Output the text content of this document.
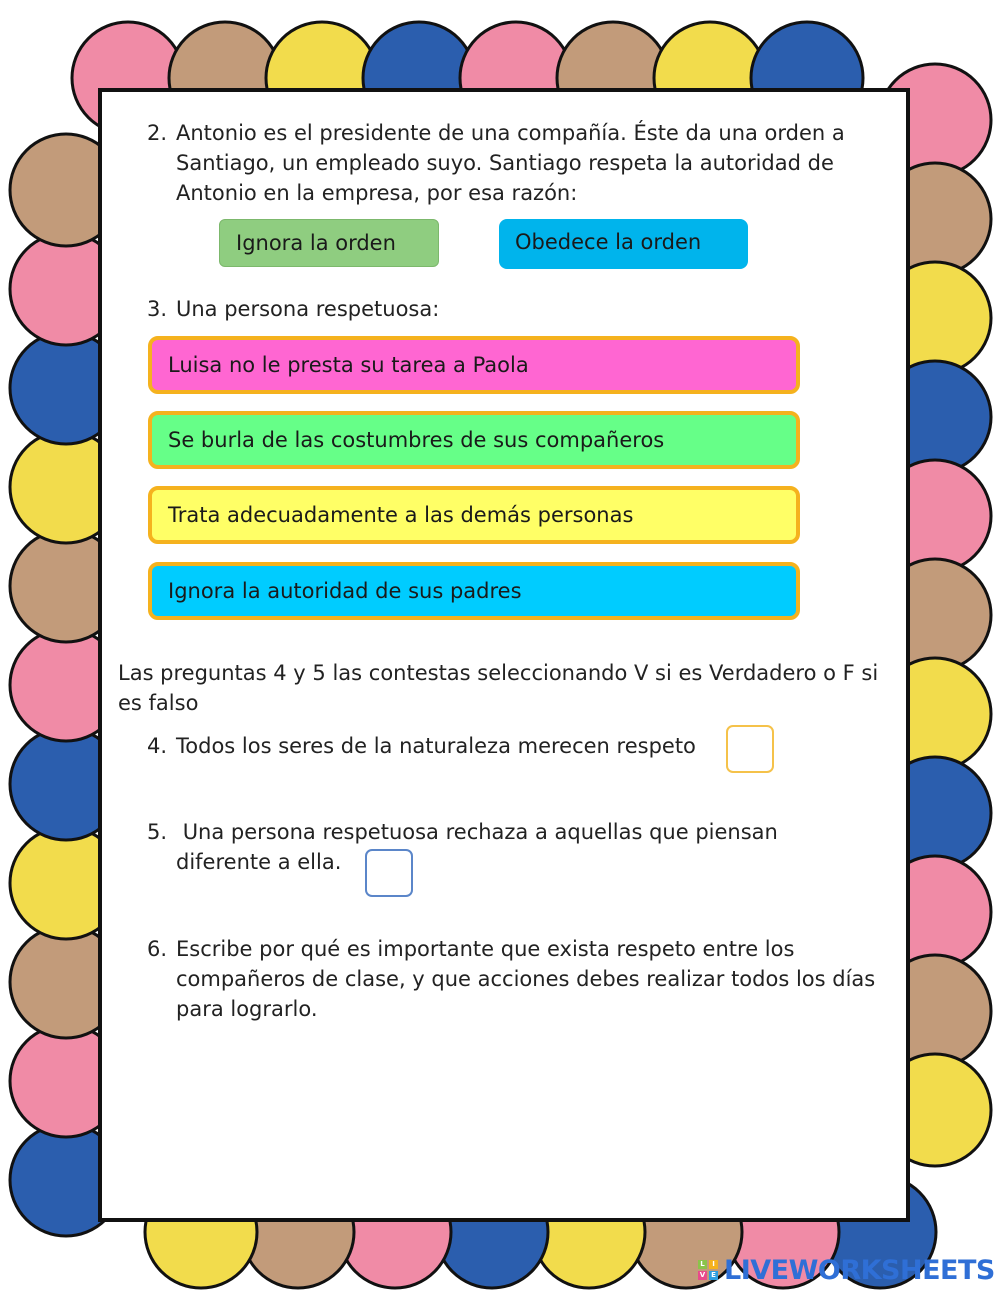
2. Antonio es el presidente de una compañía. Éste da una orden a Santiago, un empleado suyo. Santiago respeta la autoridad de Antonio en la empresa, por esa razón:
Ignora la orden	Obedece la orden
3. Una persona respetuosa:
Luisa no le presta su tarea a Paola
Se burla de las costumbres de sus compañeros
Trata adecuadamente a las demás personas
Ignora la autoridad de sus padres
Las preguntas 4 y 5 las contestas seleccionando V si es Verdadero o F si es falso
4. Todos los seres de la naturaleza merecen respeto
5. Una persona respetuosa rechaza a aquellas que piensan diferente a ella.
6. Escribe por qué es importante que exista respeto entre los compañeros de clase, y que acciones debes realizar todos los días para lograrlo.
L	I
V E LIVEWORKSHEETS
